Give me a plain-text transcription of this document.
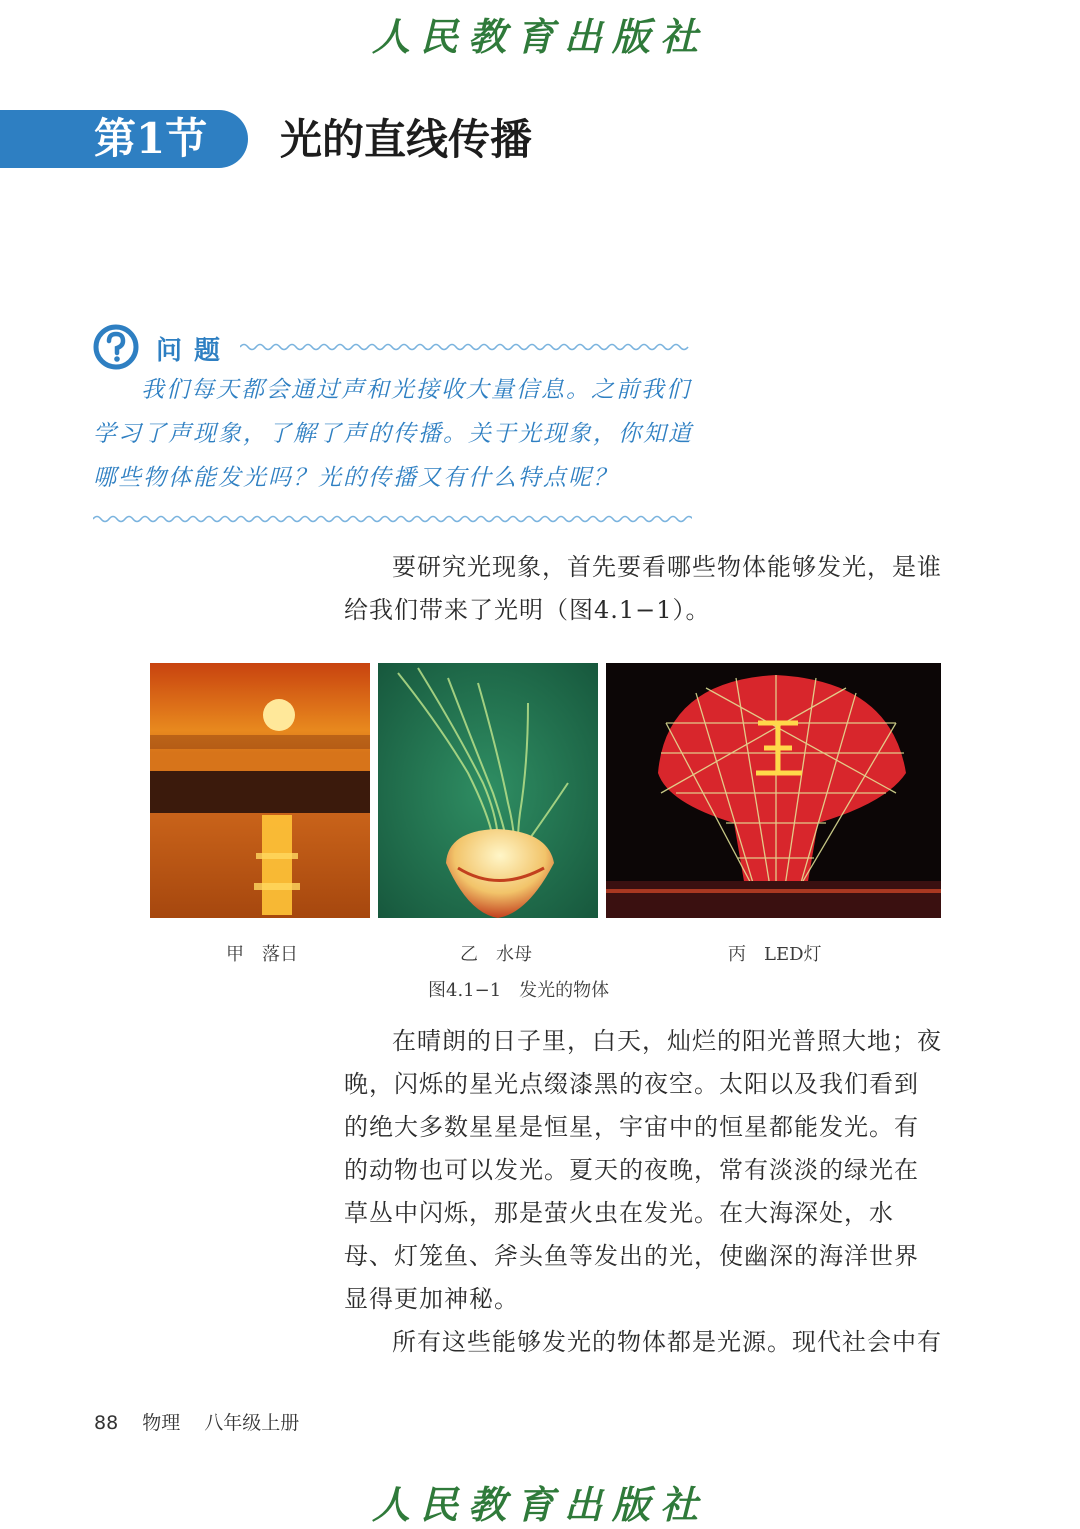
人民教育出版社
第1节	光的直线传播
问题

我们每天都会通过声和光接收大量信息。之前我们学习了声现象，了解了声的传播。关于光现象，你知道哪些物体能发光吗？光的传播又有什么特点呢？

要研究光现象，首先要看哪些物体能够发光，是谁给我们带来了光明（图4.1−1）。

甲　落日	乙　水母	丙　LED灯
图4.1−1　发光的物体

在晴朗的日子里，白天，灿烂的阳光普照大地；夜晚，闪烁的星光点缀漆黑的夜空。太阳以及我们看到的绝大多数星星是恒星，宇宙中的恒星都能发光。有的动物也可以发光。夏天的夜晚，常有淡淡的绿光在草丛中闪烁，那是萤火虫在发光。在大海深处，水母、灯笼鱼、斧头鱼等发出的光，使幽深的海洋世界显得更加神秘。

所有这些能够发光的物体都是光源。现代社会中有

88 物理 八年级上册
人民教育出版社
